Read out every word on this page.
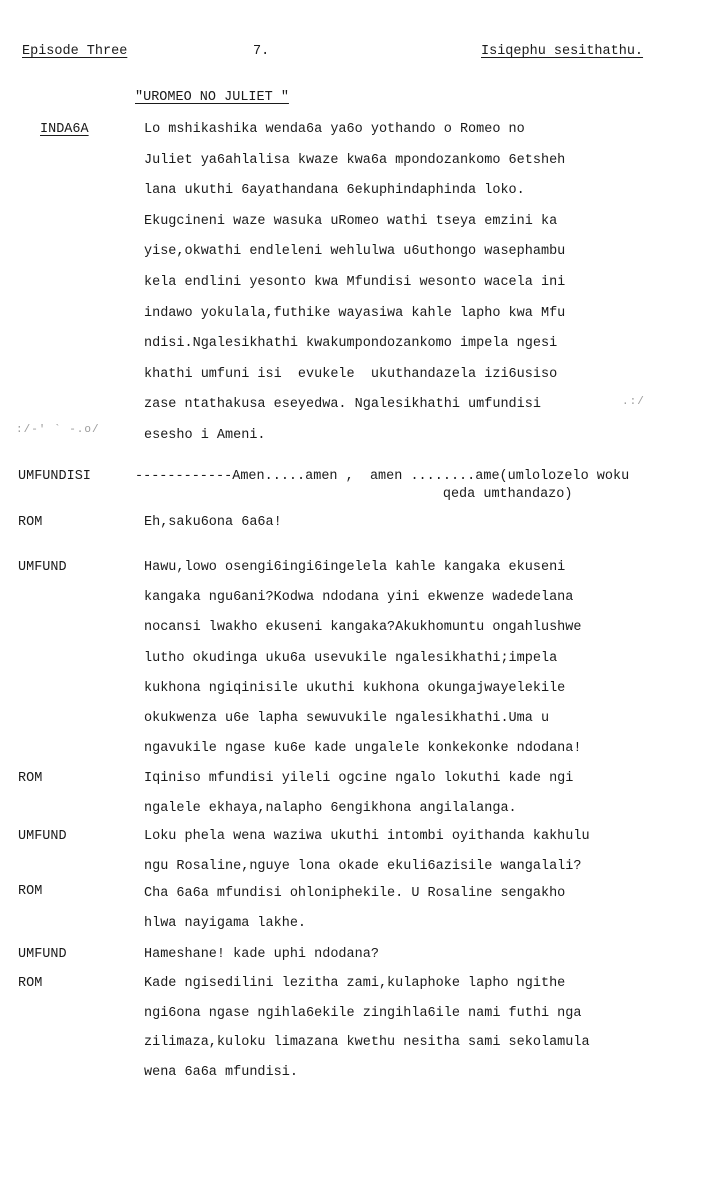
Episode Three	7.	Isiqephu sesithathu.
"UROMEO NO JULIET "
:/-' ` -.o/
.:/
INDA6A	Lo mshikashika wenda6a ya6o yothando o Romeo no
Juliet ya6ahlalisa kwaze kwa6a mpondozankomo 6etsheh
lana ukuthi 6ayathandana 6ekuphindaphinda loko.
Ekugcineni waze wasuka uRomeo wathi tseya emzini ka
yise,okwathi endleleni wehlulwa u6uthongo wasephambu
kela endlini yesonto kwa Mfundisi wesonto wacela ini
indawo yokulala,futhike wayasiwa kahle lapho kwa Mfu
ndisi.Ngalesikhathi kwakumpondozankomo impela ngesi
khathi umfuni isi  evukele  ukuthandazela izi6usiso
zase ntathakusa eseyedwa. Ngalesikhathi umfundisi
esesho i Ameni.
UMFUNDISI	------------Amen.....amen ,  amen ........ame(umlolozelo woku
qeda umthandazo)
ROM	Eh,saku6ona 6a6a!
UMFUND	Hawu,lowo osengi6ingi6ingelela kahle kangaka ekuseni
kangaka ngu6ani?Kodwa ndodana yini ekwenze wadedelana
nocansi lwakho ekuseni kangaka?Akukhomuntu ongahlushwe
lutho okudinga uku6a usevukile ngalesikhathi;impela
kukhona ngiqinisile ukuthi kukhona okungajwayelekile
okukwenza u6e lapha sewuvukile ngalesikhathi.Uma u
ngavukile ngase ku6e kade ungalele konkekonke ndodana!
ROM	Iqiniso mfundisi yileli ogcine ngalo lokuthi kade ngi
ngalele ekhaya,nalapho 6engikhona angilalanga.
UMFUND	Loku phela wena waziwa ukuthi intombi oyithanda kakhulu
ngu Rosaline,nguye lona okade ekuli6azisile wangalali?
ROM	Cha 6a6a mfundisi ohloniphekile. U Rosaline sengakho
hlwa nayigama lakhe.
UMFUND	Hameshane! kade uphi ndodana?
ROM	Kade ngisedilini lezitha zami,kulaphoke lapho ngithe
ngi6ona ngase ngihla6ekile zingihla6ile nami futhi nga
zilimaza,kuloku limazana kwethu nesitha sami sekolamula
wena 6a6a mfundisi.
